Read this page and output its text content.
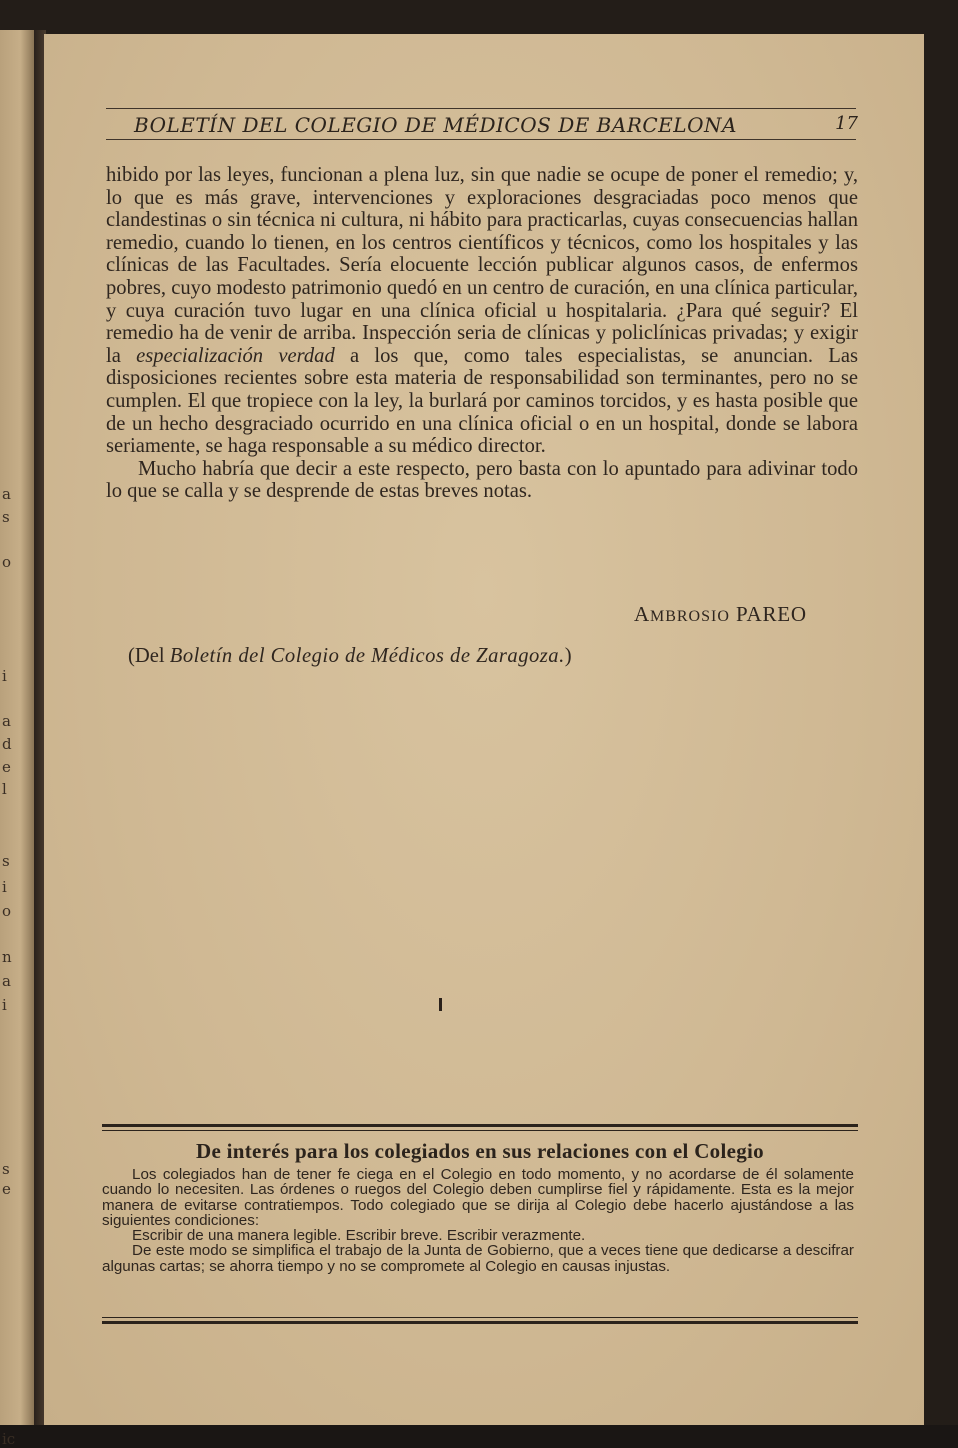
a
s
o
i
a
d
e
l
s
i
o
n
a
i
s
e
ic
BOLETÍN DEL COLEGIO DE MÉDICOS DE BARCELONA	17

hibido por las leyes, funcionan a plena luz, sin que nadie se ocupe de poner el remedio; y, lo que es más grave, intervenciones y exploraciones desgraciadas poco menos que clandestinas o sin técnica ni cultura, ni hábito para practicarlas, cuyas consecuencias hallan remedio, cuando lo tienen, en los centros científicos y técnicos, como los hospitales y las clínicas de las Facultades. Sería elocuente lección publicar algunos casos, de enfermos pobres, cuyo modesto patrimonio quedó en un centro de curación, en una clínica particular, y cuya curación tuvo lugar en una clínica oficial u hospitalaria. ¿Para qué seguir? El remedio ha de venir de arriba. Inspección seria de clínicas y policlínicas privadas; y exigir la especialización verdad a los que, como tales especialistas, se anuncian. Las disposiciones recientes sobre esta materia de responsabilidad son terminantes, pero no se cumplen. El que tropiece con la ley, la burlará por caminos torcidos, y es hasta posible que de un hecho desgraciado ocurrido en una clínica oficial o en un hospital, donde se labora seriamente, se haga responsable a su médico director.

Mucho habría que decir a este respecto, pero basta con lo apuntado para adivinar todo lo que se calla y se desprende de estas breves notas.

AMBROSIO PAREO
(Del Boletín del Colegio de Médicos de Zaragoza.)
De interés para los colegiados en sus relaciones con el Colegio

Los colegiados han de tener fe ciega en el Colegio en todo momento, y no acordarse de él solamente cuando lo necesiten. Las órdenes o ruegos del Colegio deben cumplirse fiel y rápidamente. Esta es la mejor manera de evitarse contratiempos. Todo colegiado que se dirija al Colegio debe hacerlo ajustándose a las siguientes condiciones:

Escribir de una manera legible. Escribir breve. Escribir verazmente.

De este modo se simplifica el trabajo de la Junta de Gobierno, que a veces tiene que dedicarse a descifrar algunas cartas; se ahorra tiempo y no se compromete al Colegio en causas injustas.
